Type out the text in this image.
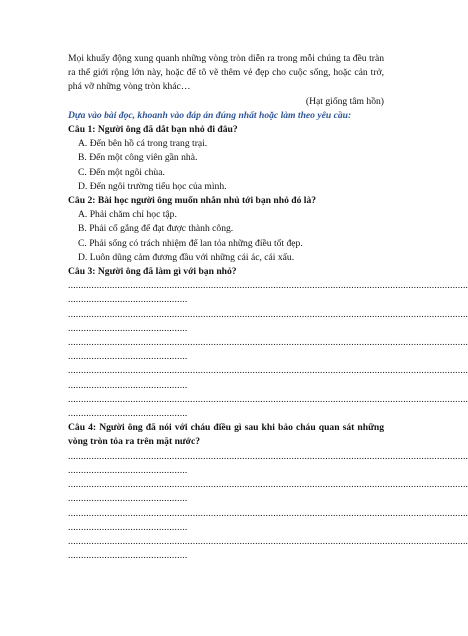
Mọi khuấy động xung quanh những vòng tròn diễn ra trong mỗi chúng ta đều tràn ra thế giới rộng lớn này, hoặc để tô vẽ thêm vẻ đẹp cho cuộc sống, hoặc cản trở, phá vỡ những vòng tròn khác…

(Hạt giống tâm hồn)

Dựa vào bài đọc, khoanh vào đáp án đúng nhất hoặc làm theo yêu cầu:

Câu 1: Người ông đã dắt bạn nhỏ đi đâu?

A. Đến bên hồ cá trong trang trại.

B. Đến một công viên gần nhà.

C. Đến một ngôi chùa.

D. Đến ngôi trường tiểu học của mình.

Câu 2: Bài học người ông muốn nhắn nhủ tới bạn nhỏ đó là?

A. Phải chăm chỉ học tập.

B. Phải cố gắng để đạt được thành công.

C. Phải sống có trách nhiệm để lan tỏa những điều tốt đẹp.

D. Luôn dũng cảm đương đầu với những cái ác, cái xấu.

Câu 3: Người ông đã làm gì với bạn nhỏ?

..........................................................................................................................................................

..............................................

..........................................................................................................................................................

..............................................

..........................................................................................................................................................

..............................................

..........................................................................................................................................................

..............................................

..........................................................................................................................................................

..............................................

Câu 4: Người ông đã nói với cháu điều gì sau khi bảo cháu quan sát những vòng tròn tỏa ra trên mặt nước?

..........................................................................................................................................................

..............................................

..........................................................................................................................................................

..............................................

..........................................................................................................................................................

..............................................

..........................................................................................................................................................

..............................................
